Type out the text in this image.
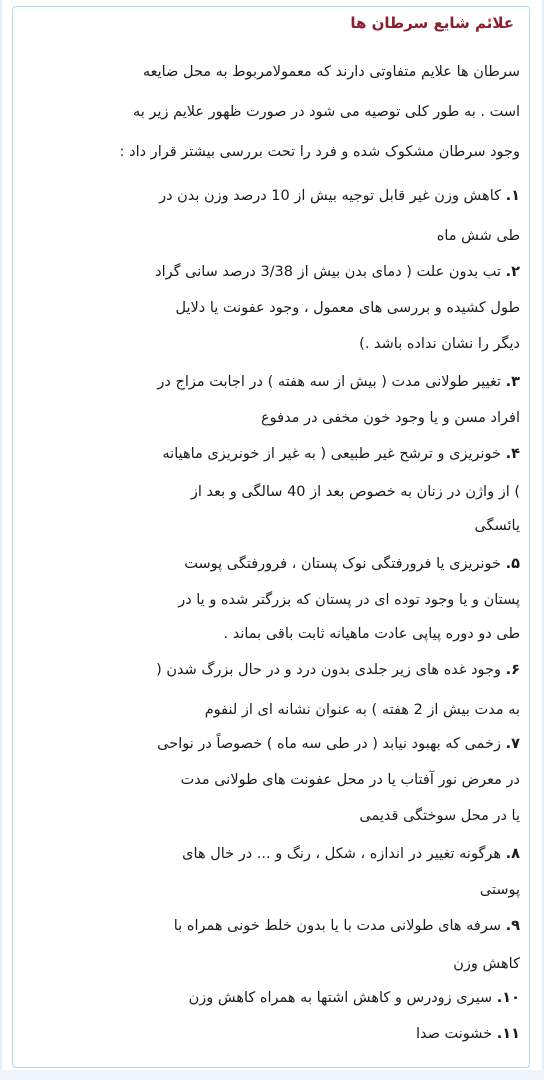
علائم شایع سرطان ها
سرطان ها علایم متفاوتی دارند که معمولامربوط به محل ضایعه
است . به طور کلی توصیه می شود در صورت ظهور علایم زیر به
وجود سرطان مشکوک شده و فرد را تحت بررسی بیشتر قرار داد :
۱. کاهش وزن غیر قابل توجیه بیش از 10 درصد وزن بدن در
طی شش ماه
۲. تب بدون علت ( دمای بدن بیش از 3/38 درصد سانی گراد
طول کشیده و بررسی های معمول ، وجود عفونت یا دلایل
دیگر را نشان نداده باشد .)
۳. تغییر طولانی مدت ( بیش از سه هفته ) در اجابت مزاج در
افراد مسن و یا وجود خون مخفی در مدفوع
۴. خونریزی و ترشح غیر طبیعی ( به غیر از خونریزی ماهیانه
) از واژن در زنان به خصوص بعد از 40 سالگی و بعد از
یائسگی
۵. خونریزی یا فرورفتگی نوک پستان ، فرورفتگی پوست
پستان و یا وجود توده ای در پستان که بزرگتر شده و یا در
طی دو دوره پیاپی عادت ماهیانه ثابت باقی بماند .
۶. وجود غده های زیر جلدی بدون درد و در حال بزرگ شدن (
به مدت بیش از 2 هفته ) به عنوان نشانه ای از لنفوم
۷. زخمی که بهبود نیابد ( در طی سه ماه ) خصوصاً در نواحی
در معرض نور آفتاب یا در محل عفونت های طولانی مدت
یا در محل سوختگی قدیمی
۸. هرگونه تغییر در اندازه ، شکل ، رنگ و ... در خال های
پوستی
۹. سرفه های طولانی مدت با یا بدون خلط خونی همراه با
کاهش وزن
۱۰. سیری زودرس و کاهش اشتها به همراه کاهش وزن
۱۱. خشونت صدا
